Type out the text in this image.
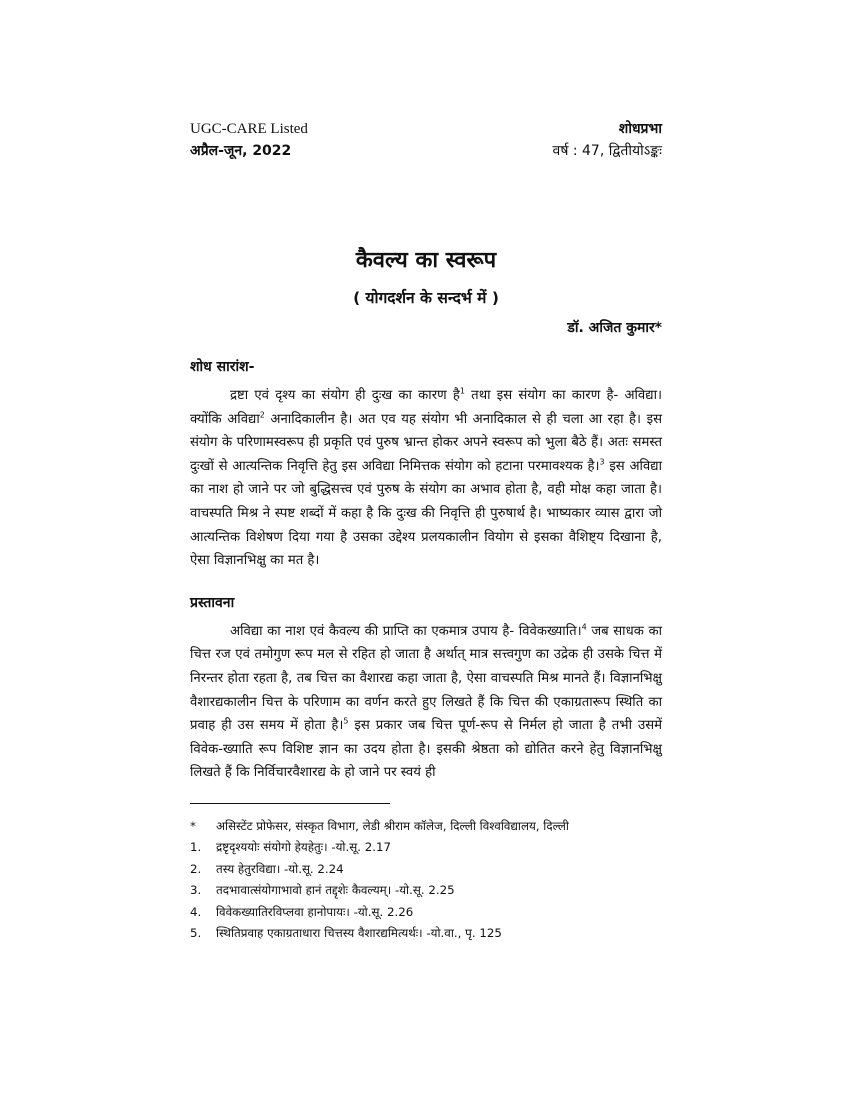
UGC-CARE Listed
अप्रैल-जून, 2022
शोधप्रभा
वर्ष : 47, द्वितीयोऽङ्कः
कैवल्य का स्वरूप
( योगदर्शन के सन्दर्भ में )
डॉ. अजित कुमार*
शोध सारांश-

द्रष्टा एवं दृश्य का संयोग ही दुःख का कारण है$^1$ तथा इस संयोग का कारण है- अविद्या। क्योंकि अविद्या$^2$ अनादिकालीन है। अत एव यह संयोग भी अनादिकाल से ही चला आ रहा है। इस संयोग के परिणामस्वरूप ही प्रकृति एवं पुरुष भ्रान्त होकर अपने स्वरूप को भुला बैठे हैं। अतः समस्त दुःखों से आत्यन्तिक निवृत्ति हेतु इस अविद्या निमित्तक संयोग को हटाना परमावश्यक है।$^3$ इस अविद्या का नाश हो जाने पर जो बुद्धिसत्त्व एवं पुरुष के संयोग का अभाव होता है, वही मोक्ष कहा जाता है। वाचस्पति मिश्र ने स्पष्ट शब्दों में कहा है कि दुःख की निवृत्ति ही पुरुषार्थ है। भाष्यकार व्यास द्वारा जो आत्यन्तिक विशेषण दिया गया है उसका उद्देश्य प्रलयकालीन वियोग से इसका वैशिष्ट्य दिखाना है, ऐसा विज्ञानभिक्षु का मत है।

प्रस्तावना

अविद्या का नाश एवं कैवल्य की प्राप्ति का एकमात्र उपाय है- विवेकख्याति।$^4$ जब साधक का चित्त रज एवं तमोगुण रूप मल से रहित हो जाता है अर्थात् मात्र सत्त्वगुण का उद्रेक ही उसके चित्त में निरन्तर होता रहता है, तब चित्त का वैशारद्य कहा जाता है, ऐसा वाचस्पति मिश्र मानते हैं। विज्ञानभिक्षु वैशारद्यकालीन चित्त के परिणाम का वर्णन करते हुए लिखते हैं कि चित्त की एकाग्रतारूप स्थिति का प्रवाह ही उस समय में होता है।$^5$ इस प्रकार जब चित्त पूर्ण-रूप से निर्मल हो जाता है तभी उसमें विवेक-ख्याति रूप विशिष्ट ज्ञान का उदय होता है। इसकी श्रेष्ठता को द्योतित करने हेतु विज्ञानभिक्षु लिखते हैं कि निर्विचारवैशारद्य के हो जाने पर स्वयं ही

*	असिस्टेंट प्रोफेसर, संस्कृत विभाग, लेडी श्रीराम कॉलेज, दिल्ली विश्वविद्यालय, दिल्ली
1.	द्रष्टृदृश्ययोः संयोगो हेयहेतुः। -यो.सू. 2.17
2.	तस्य हेतुरविद्या। -यो.सू. 2.24
3.	तदभावात्संयोगाभावो हानं तद्दृशेः कैवल्यम्। -यो.सू. 2.25
4.	विवेकख्यातिरविप्लवा हानोपायः। -यो.सू. 2.26
5.	स्थितिप्रवाह एकाग्रताधारा चित्तस्य वैशारद्यमित्यर्थः। -यो.वा., पृ. 125
